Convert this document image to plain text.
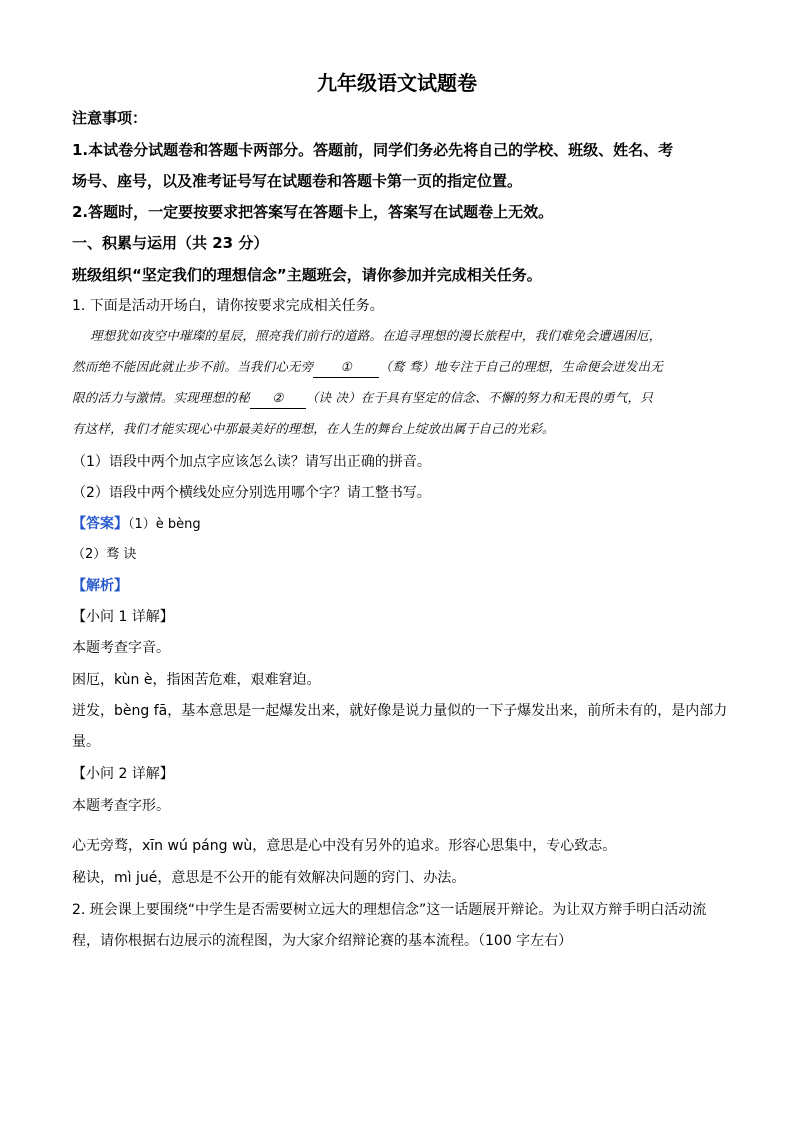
九年级语文试题卷
注意事项：
1.本试卷分试题卷和答题卡两部分。答题前，同学们务必先将自己的学校、班级、姓名、考
场号、座号，以及准考证号写在试题卷和答题卡第一页的指定位置。
2.答题时，一定要按要求把答案写在答题卡上，答案写在试题卷上无效。
一、积累与运用（共 23 分）
班级组织“坚定我们的理想信念”主题班会，请你参加并完成相关任务。
1. 下面是活动开场白，请你按要求完成相关任务。
理想犹如夜空中璀璨的星辰，照亮我们前行的道路。在追寻理想的漫长旅程中，我们难免会遭遇困厄，
然而绝不能因此就止步不前。当我们心无旁 ① （鹜 骛）地专注于自己的理想，生命便会迸发出无
限的活力与激情。实现理想的秘 ② （诀 决）在于具有坚定的信念、不懈的努力和无畏的勇气，只
有这样，我们才能实现心中那最美好的理想，在人生的舞台上绽放出属于自己的光彩。
（1）语段中两个加点字应该怎么读？请写出正确的拼音。
（2）语段中两个横线处应分别选用哪个字？请工整书写。
【答案】（1）è bèng
（2）骛 诀
【解析】
【小问 1 详解】
本题考查字音。
困厄，kùn è，指困苦危难，艰难窘迫。
迸发，bèng fā，基本意思是一起爆发出来，就好像是说力量似的一下子爆发出来，前所未有的，是内部力
量。
【小问 2 详解】
本题考查字形。
心无旁骛，xīn wú páng wù，意思是心中没有另外的追求。形容心思集中，专心致志。
秘诀，mì jué，意思是不公开的能有效解决问题的窍门、办法。
2. 班会课上要围绕“中学生是否需要树立远大的理想信念”这一话题展开辩论。为让双方辩手明白活动流
程，请你根据右边展示的流程图，为大家介绍辩论赛的基本流程。（100 字左右）
